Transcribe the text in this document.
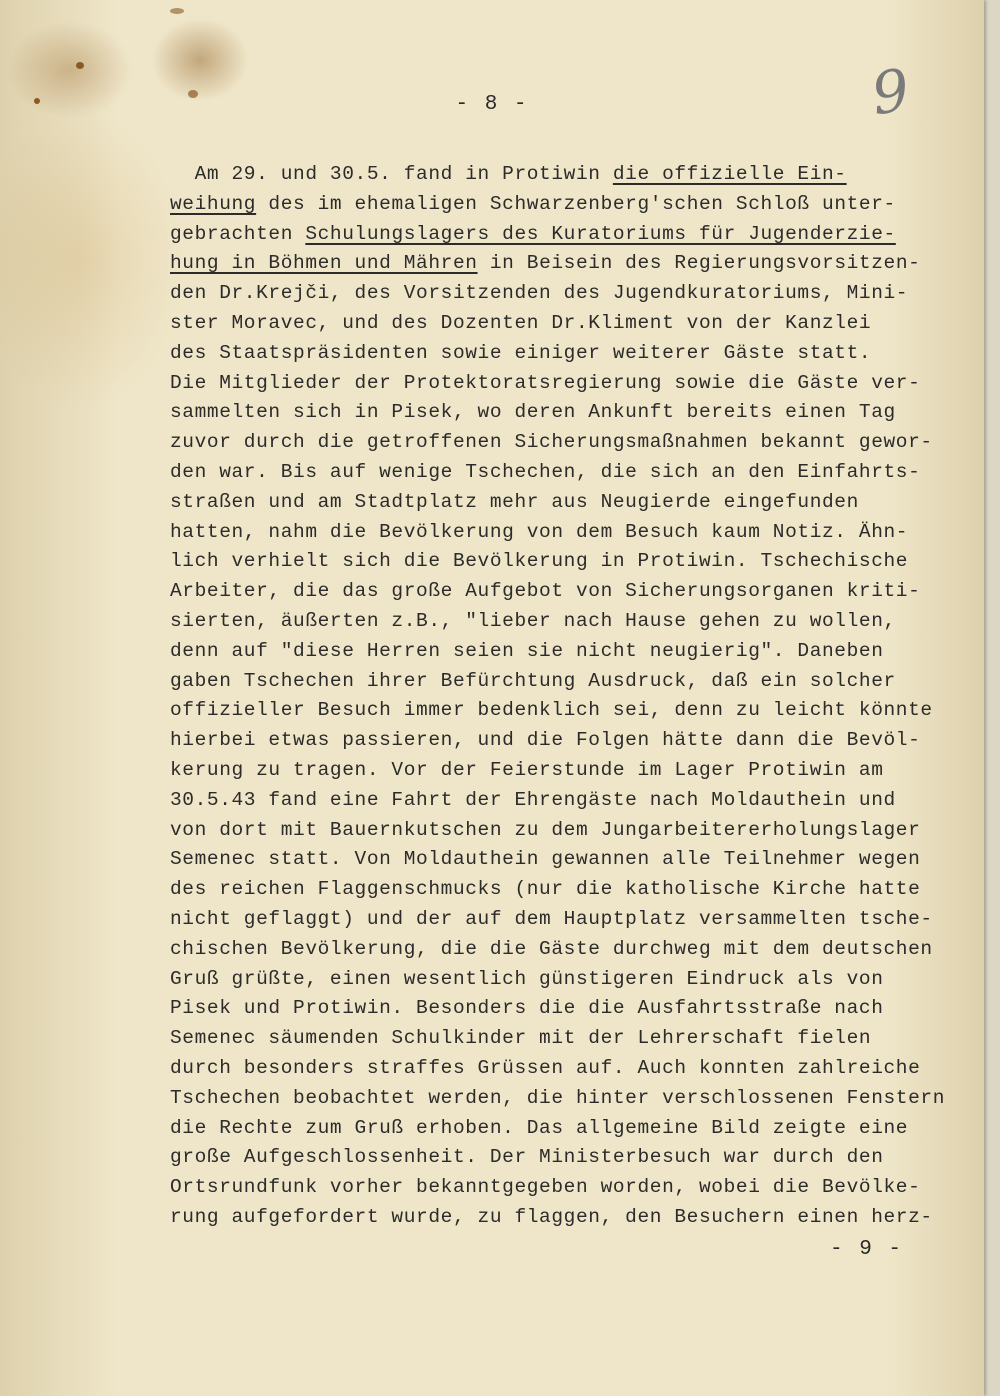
9
- 8 -
Am 29. und 30.5. fand in Protiwin die offizielle Ein-
weihung des im ehemaligen Schwarzenberg'schen Schloß unter-
gebrachten Schulungslagers des Kuratoriums für Jugenderzie-
hung in Böhmen und Mähren in Beisein des Regierungsvorsitzen-
den Dr.Krejči, des Vorsitzenden des Jugendkuratoriums, Mini-
ster Moravec, und des Dozenten Dr.Kliment von der Kanzlei
des Staatspräsidenten sowie einiger weiterer Gäste statt.
Die Mitglieder der Protektoratsregierung sowie die Gäste ver-
sammelten sich in Pisek, wo deren Ankunft bereits einen Tag
zuvor durch die getroffenen Sicherungsmaßnahmen bekannt gewor-
den war. Bis auf wenige Tschechen, die sich an den Einfahrts-
straßen und am Stadtplatz mehr aus Neugierde eingefunden
hatten, nahm die Bevölkerung von dem Besuch kaum Notiz. Ähn-
lich verhielt sich die Bevölkerung in Protiwin. Tschechische
Arbeiter, die das große Aufgebot von Sicherungsorganen kriti-
sierten, äußerten z.B., "lieber nach Hause gehen zu wollen,
denn auf "diese Herren seien sie nicht neugierig". Daneben
gaben Tschechen ihrer Befürchtung Ausdruck, daß ein solcher
offizieller Besuch immer bedenklich sei, denn zu leicht könnte
hierbei etwas passieren, und die Folgen hätte dann die Bevöl-
kerung zu tragen. Vor der Feierstunde im Lager Protiwin am
30.5.43 fand eine Fahrt der Ehrengäste nach Moldauthein und
von dort mit Bauernkutschen zu dem Jungarbeitererholungslager
Semenec statt. Von Moldauthein gewannen alle Teilnehmer wegen
des reichen Flaggenschmucks (nur die katholische Kirche hatte
nicht geflaggt) und der auf dem Hauptplatz versammelten tsche-
chischen Bevölkerung, die die Gäste durchweg mit dem deutschen
Gruß grüßte, einen wesentlich günstigeren Eindruck als von
Pisek und Protiwin. Besonders die die Ausfahrtsstraße nach
Semenec säumenden Schulkinder mit der Lehrerschaft fielen
durch besonders straffes Grüssen auf. Auch konnten zahlreiche
Tschechen beobachtet werden, die hinter verschlossenen Fenstern
die Rechte zum Gruß erhoben. Das allgemeine Bild zeigte eine
große Aufgeschlossenheit. Der Ministerbesuch war durch den
Ortsrundfunk vorher bekanntgegeben worden, wobei die Bevölke-
rung aufgefordert wurde, zu flaggen, den Besuchern einen herz-
- 9 -
